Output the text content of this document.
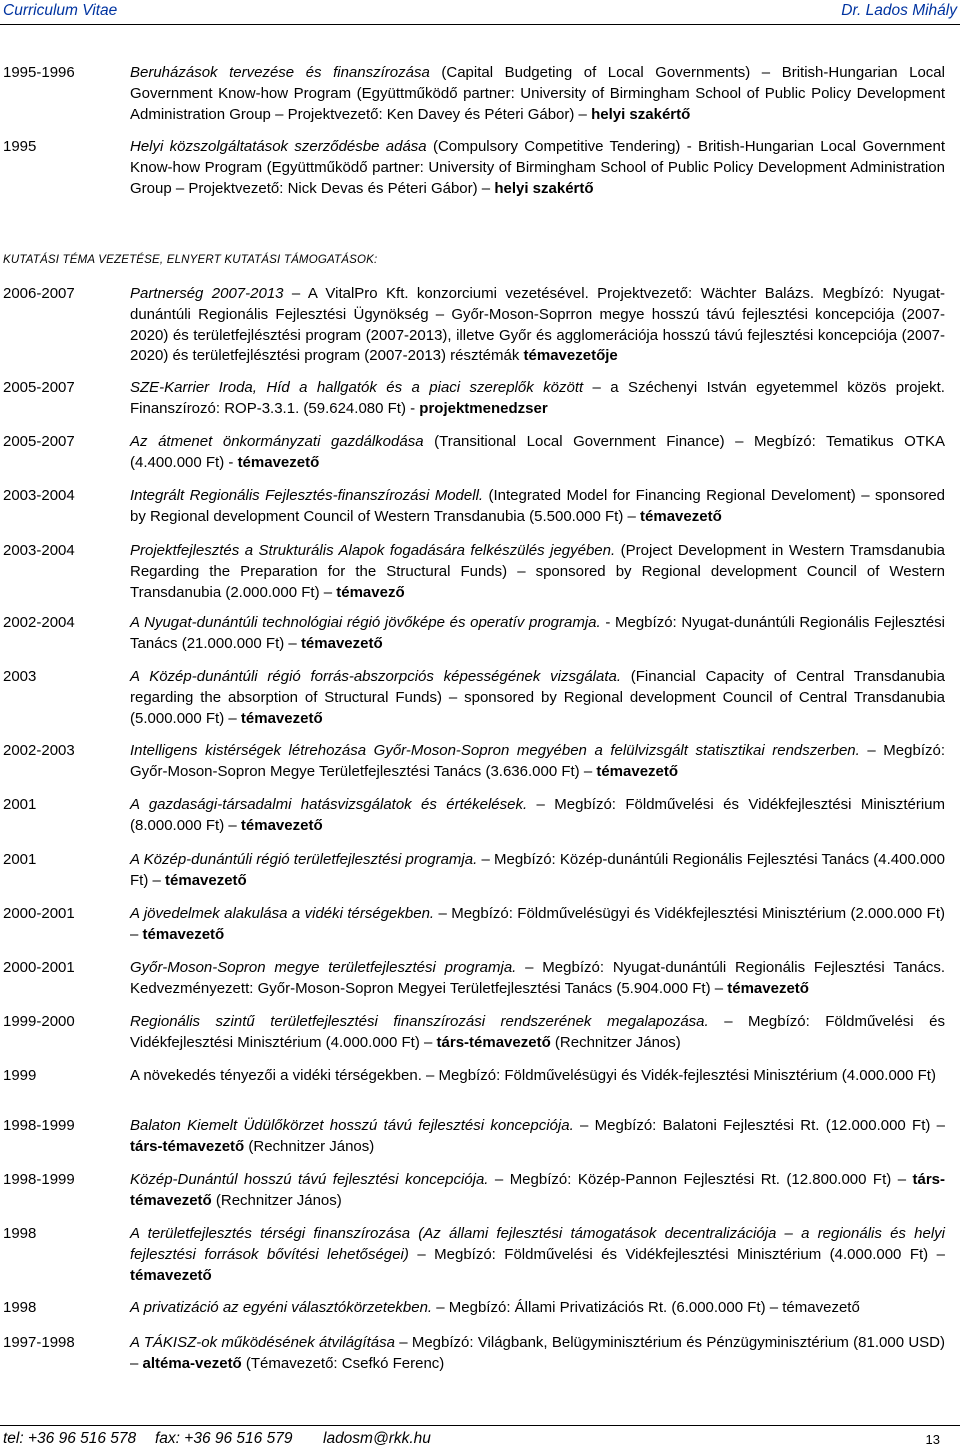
Curriculum Vitae	Dr. Lados Mihály
1995-1996	Beruházások tervezése és finanszírozása (Capital Budgeting of Local Governments) – British-Hungarian Local Government Know-how Program (Együttműködő partner: University of Birmingham School of Public Policy Development Administration Group – Projektvezető: Ken Davey és Péteri Gábor) – helyi szakértő
1995	Helyi közszolgáltatások szerződésbe adása (Compulsory Competitive Tendering) - British-Hungarian Local Government Know-how Program (Együttműködő partner: University of Birmingham School of Public Policy Development Administration Group – Projektvezető: Nick Devas és Péteri Gábor) – helyi szakértő
2006-2007	Partnerség 2007-2013 – A VitalPro Kft. konzorciumi vezetésével. Projektvezető: Wächter Balázs. Megbízó: Nyugat-dunántúli Regionális Fejlesztési Ügynökség – Győr-Moson-Soprron megye hosszú távú fejlesztési koncepciója (2007-2020) és területfejlésztési program (2007-2013), illetve Győr és agglomerációja hosszú távú fejlesztési koncepciója (2007-2020) és területfejlésztési program (2007-2013) résztémák témavezetője
2005-2007	SZE-Karrier Iroda, Híd a hallgatók és a piaci szereplők között – a Széchenyi István egyetemmel közös projekt. Finanszírozó: ROP-3.3.1. (59.624.080 Ft) - projektmenedzser
2005-2007	Az átmenet önkormányzati gazdálkodása (Transitional Local Government Finance) – Megbízó: Tematikus OTKA (4.400.000 Ft) - témavezető
2003-2004	Integrált Regionális Fejlesztés-finanszírozási Modell. (Integrated Model for Financing Regional Develoment) – sponsored by Regional development Council of Western Transdanubia (5.500.000 Ft) – témavezető
2003-2004	Projektfejlesztés a Strukturális Alapok fogadására felkészülés jegyében. (Project Development in Western Tramsdanubia Regarding the Preparation for the Structural Funds) – sponsored by Regional development Council of Western Transdanubia (2.000.000 Ft) – témavező
2002-2004	A Nyugat-dunántúli technológiai régió jövőképe és operatív programja. - Megbízó: Nyugat-dunántúli Regionális Fejlesztési Tanács (21.000.000 Ft) – témavezető
2003	A Közép-dunántúli régió forrás-abszorpciós képességének vizsgálata. (Financial Capacity of Central Transdanubia regarding the absorption of Structural Funds) – sponsored by Regional development Council of Central Transdanubia (5.000.000 Ft) – témavezető
2002-2003	Intelligens kistérségek létrehozása Győr-Moson-Sopron megyében a felülvizsgált statisztikai rendszerben. – Megbízó: Győr-Moson-Sopron Megye Területfejlesztési Tanács (3.636.000 Ft) – témavezető
2001	A gazdasági-társadalmi hatásvizsgálatok és értékelések. – Megbízó: Földművelési és Vidékfejlesztési Minisztérium (8.000.000 Ft) – témavezető
2001	A Közép-dunántúli régió területfejlesztési programja. – Megbízó: Közép-dunántúli Regionális Fejlesztési Tanács (4.400.000 Ft) – témavezető
2000-2001	A jövedelmek alakulása a vidéki térségekben. – Megbízó: Földművelésügyi és Vidékfejlesztési Minisztérium (2.000.000 Ft) – témavezető
2000-2001	Győr-Moson-Sopron megye területfejlesztési programja. – Megbízó: Nyugat-dunántúli Regionális Fejlesztési Tanács. Kedvezményezett: Győr-Moson-Sopron Megyei Területfejlesztési Tanács (5.904.000 Ft) – témavezető
1999-2000	Regionális szintű területfejlesztési finanszírozási rendszerének megalapozása. – Megbízó: Földművelési és Vidékfejlesztési Minisztérium (4.000.000 Ft) – társ-témavezető (Rechnitzer János)
1999	A növekedés tényezői a vidéki térségekben. – Megbízó: Földművelésügyi és Vidék-fejlesztési Minisztérium (4.000.000 Ft)
1998-1999	Balaton Kiemelt Üdülőkörzet hosszú távú fejlesztési koncepciója. – Megbízó: Balatoni Fejlesztési Rt. (12.000.000 Ft) – társ-témavezető (Rechnitzer János)
1998-1999	Közép-Dunántúl hosszú távú fejlesztési koncepciója. – Megbízó: Közép-Pannon Fejlesztési Rt. (12.800.000 Ft) – társ-témavezető (Rechnitzer János)
1998	A területfejlesztés térségi finanszírozása (Az állami fejlesztési támogatások decentralizációja – a regionális és helyi fejlesztési források bővítési lehetőségei) – Megbízó: Földművelési és Vidékfejlesztési Minisztérium (4.000.000 Ft) – témavezető
1998	A privatizáció az egyéni választókörzetekben. – Megbízó: Állami Privatizációs Rt. (6.000.000 Ft) – témavezető
1997-1998	A TÁKISZ-ok működésének átvilágítása – Megbízó: Világbank, Belügyminisztérium és Pénzügyminisztérium (81.000 USD) – altéma-vezető (Témavezető: Csefkó Ferenc)
KUTATÁSI TÉMA VEZETÉSE, ELNYERT KUTATÁSI TÁMOGATÁSOK:
tel: +36 96 516 578 fax: +36 96 516 579 ladosm@rkk.hu	13
